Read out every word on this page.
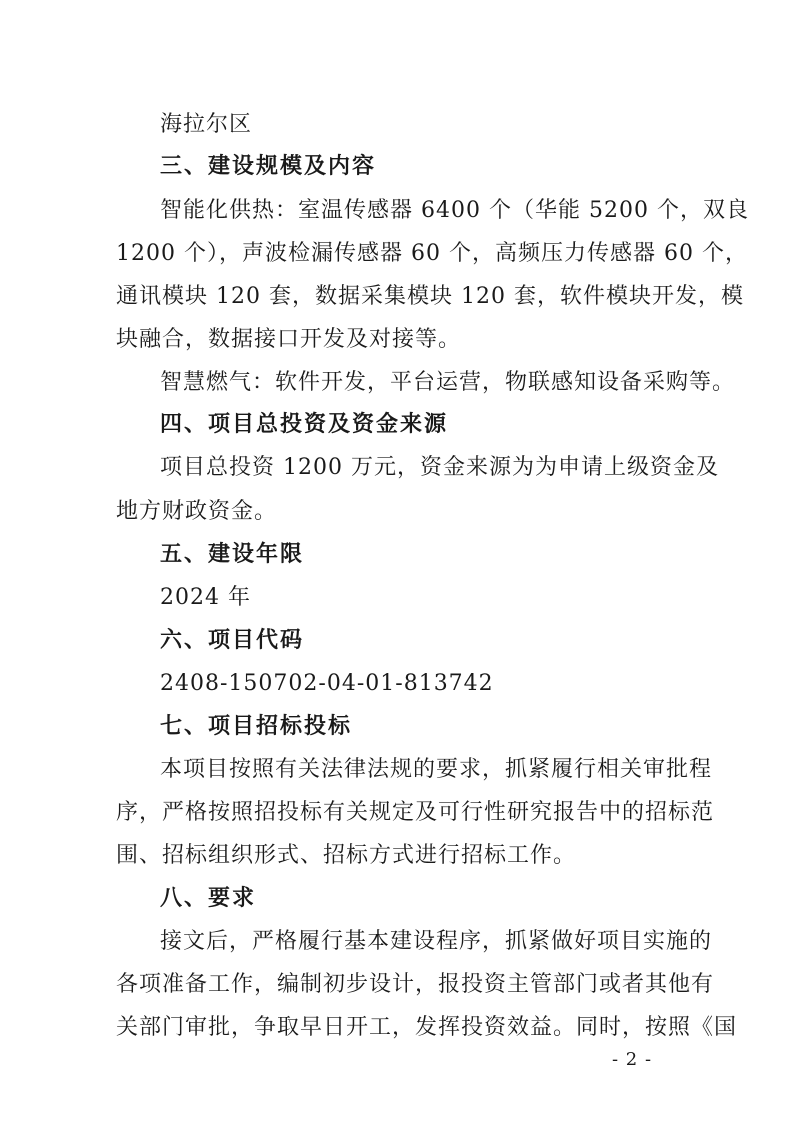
海拉尔区
三、建设规模及内容
智能化供热：室温传感器 6400 个（华能 5200 个，双良
1200 个），声波检漏传感器 60 个，高频压力传感器 60 个，
通讯模块 120 套，数据采集模块 120 套，软件模块开发，模
块融合，数据接口开发及对接等。
智慧燃气：软件开发，平台运营，物联感知设备采购等。
四、项目总投资及资金来源
项目总投资 1200 万元，资金来源为为申请上级资金及
地方财政资金。
五、建设年限
2024 年
六、项目代码
2408-150702-04-01-813742
七、项目招标投标
本项目按照有关法律法规的要求，抓紧履行相关审批程
序，严格按照招投标有关规定及可行性研究报告中的招标范
围、招标组织形式、招标方式进行招标工作。
八、要求
接文后，严格履行基本建设程序，抓紧做好项目实施的
各项准备工作，编制初步设计，报投资主管部门或者其他有
关部门审批，争取早日开工，发挥投资效益。同时，按照《国
- 2 -
